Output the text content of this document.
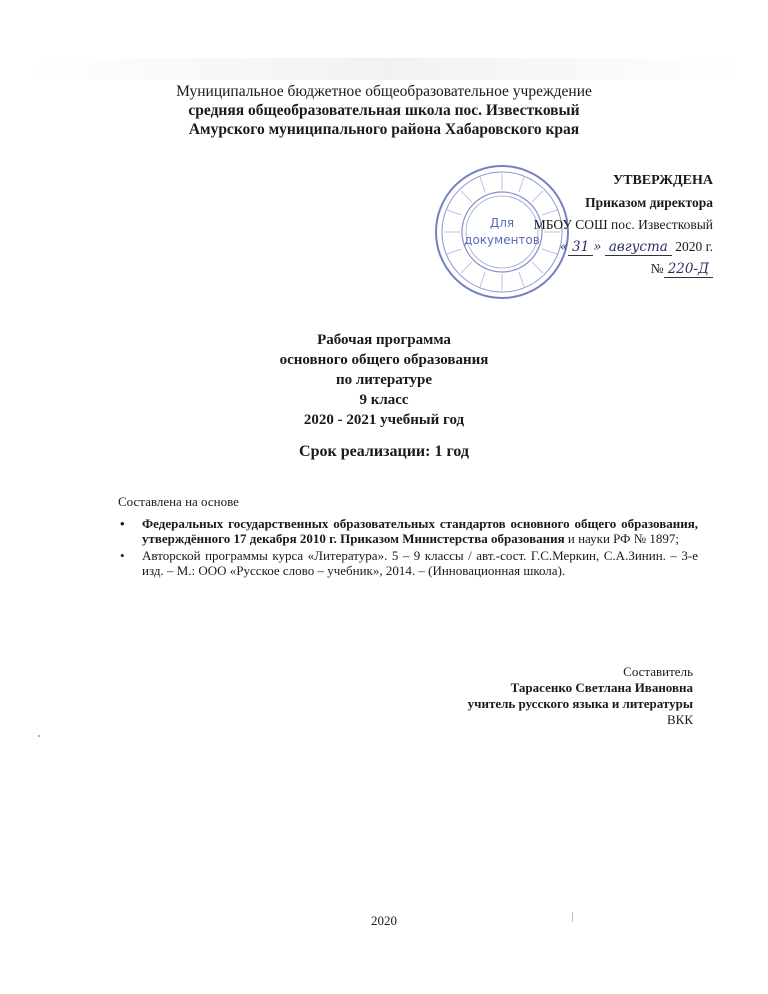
Муниципальное бюджетное общеобразовательное учреждение
средняя общеобразовательная школа пос. Известковый
Амурского муниципального района Хабаровского края
Для
документов
УТВЕРЖДЕНА
Приказом директора
МБОУ СОШ пос. Известковый
« 31 » августа 2020 г.
№ 220-Д
Рабочая программа
основного общего образования
по литературе
9 класс
2020 - 2021 учебный год
Срок реализации: 1 год
Составлена на основе
• Федеральных государственных образовательных стандартов основного общего образования, утверждённого 17 декабря 2010 г. Приказом Министерства образования и науки РФ № 1897;
• Авторской программы курса «Литература». 5 – 9 классы / авт.-сост. Г.С.Меркин, С.А.Зинин. – 3-е изд. – М.: ООО «Русское слово – учебник», 2014. – (Инновационная школа).
Составитель
Тарасенко Светлана Ивановна
учитель русского языка и литературы
ВКК
2020
